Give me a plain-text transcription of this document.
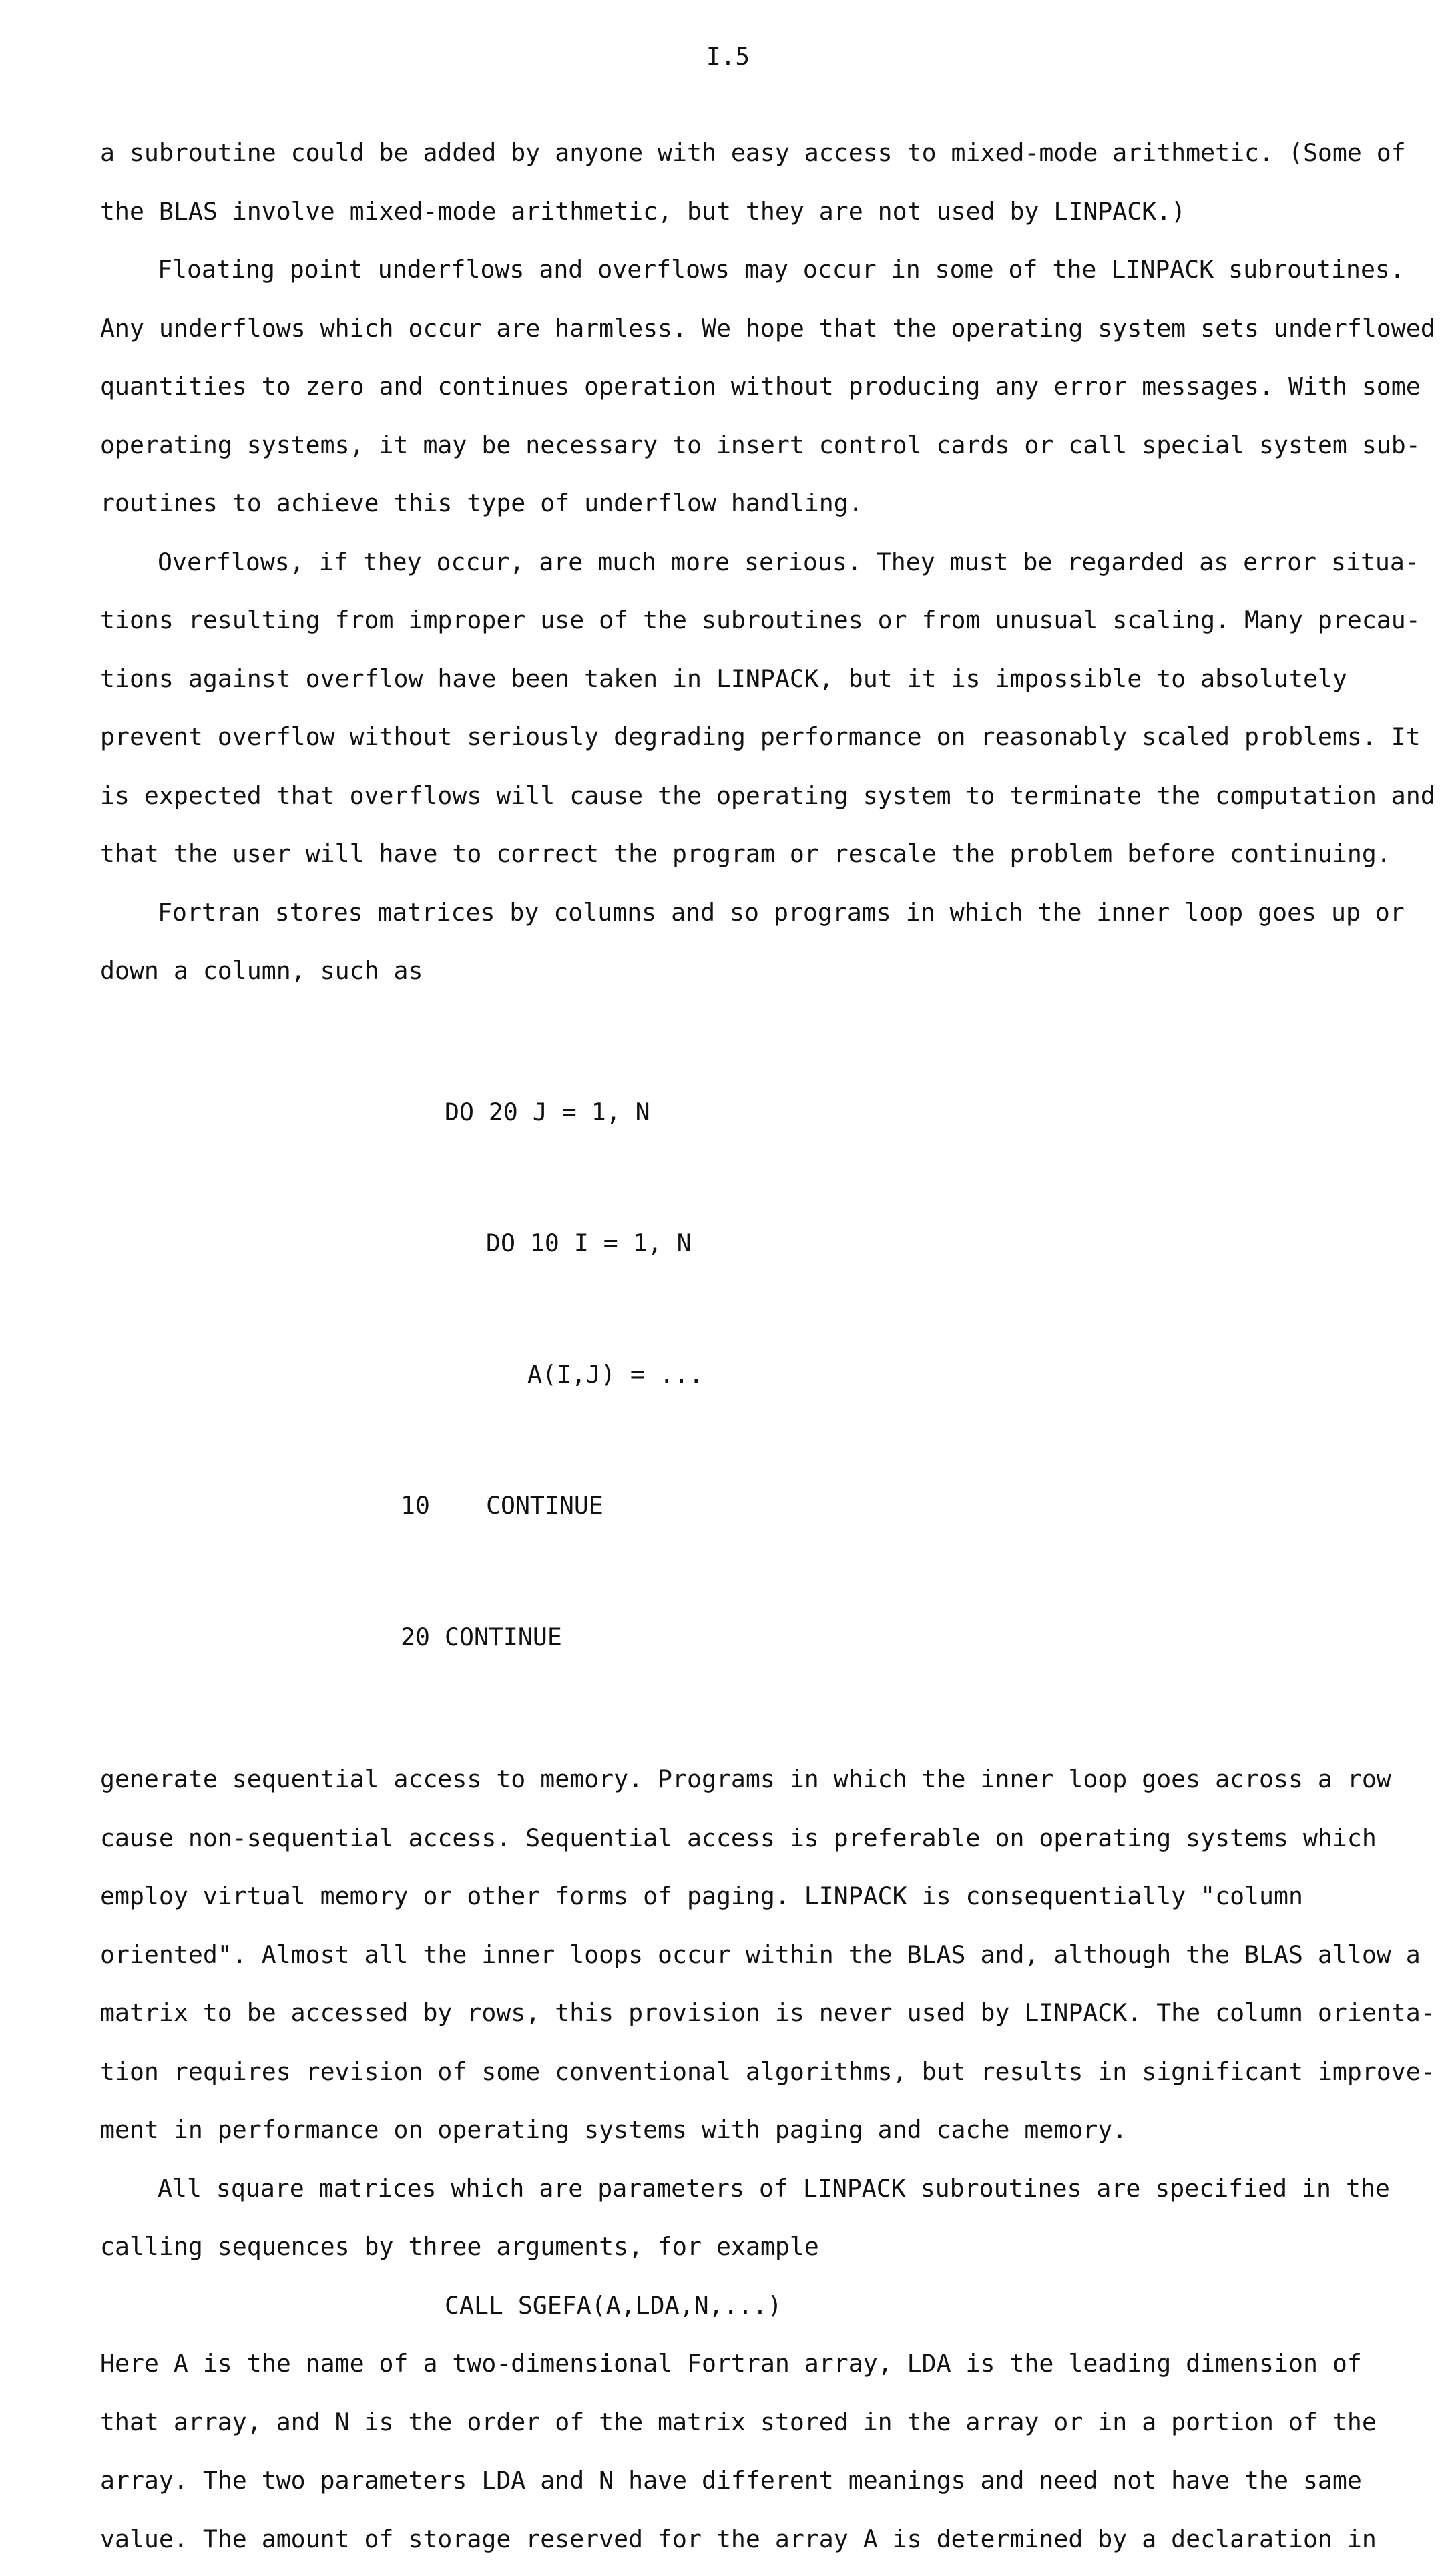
I.5
a subroutine could be added by anyone with easy access to mixed-mode arithmetic. (Some of
the BLAS involve mixed-mode arithmetic, but they are not used by LINPACK.)
Floating point underflows and overflows may occur in some of the LINPACK subroutines.
Any underflows which occur are harmless. We hope that the operating system sets underflowed
quantities to zero and continues operation without producing any error messages. With some
operating systems, it may be necessary to insert control cards or call special system sub-
routines to achieve this type of underflow handling.
Overflows, if they occur, are much more serious. They must be regarded as error situa-
tions resulting from improper use of the subroutines or from unusual scaling. Many precau-
tions against overflow have been taken in LINPACK, but it is impossible to absolutely
prevent overflow without seriously degrading performance on reasonably scaled problems. It
is expected that overflows will cause the operating system to terminate the computation and
that the user will have to correct the program or rescale the problem before continuing.
Fortran stores matrices by columns and so programs in which the inner loop goes up or
down a column, such as

DO 20 J = 1, N

DO 10 I = 1, N

A(I,J) = ...

10 CONTINUE

20 CONTINUE

generate sequential access to memory. Programs in which the inner loop goes across a row
cause non-sequential access. Sequential access is preferable on operating systems which
employ virtual memory or other forms of paging. LINPACK is consequentially "column
oriented". Almost all the inner loops occur within the BLAS and, although the BLAS allow a
matrix to be accessed by rows, this provision is never used by LINPACK. The column orienta-
tion requires revision of some conventional algorithms, but results in significant improve-
ment in performance on operating systems with paging and cache memory.
All square matrices which are parameters of LINPACK subroutines are specified in the
calling sequences by three arguments, for example
CALL SGEFA(A,LDA,N,...)
Here A is the name of a two-dimensional Fortran array, LDA is the leading dimension of
that array, and N is the order of the matrix stored in the array or in a portion of the
array. The two parameters LDA and N have different meanings and need not have the same
value. The amount of storage reserved for the array A is determined by a declaration in
